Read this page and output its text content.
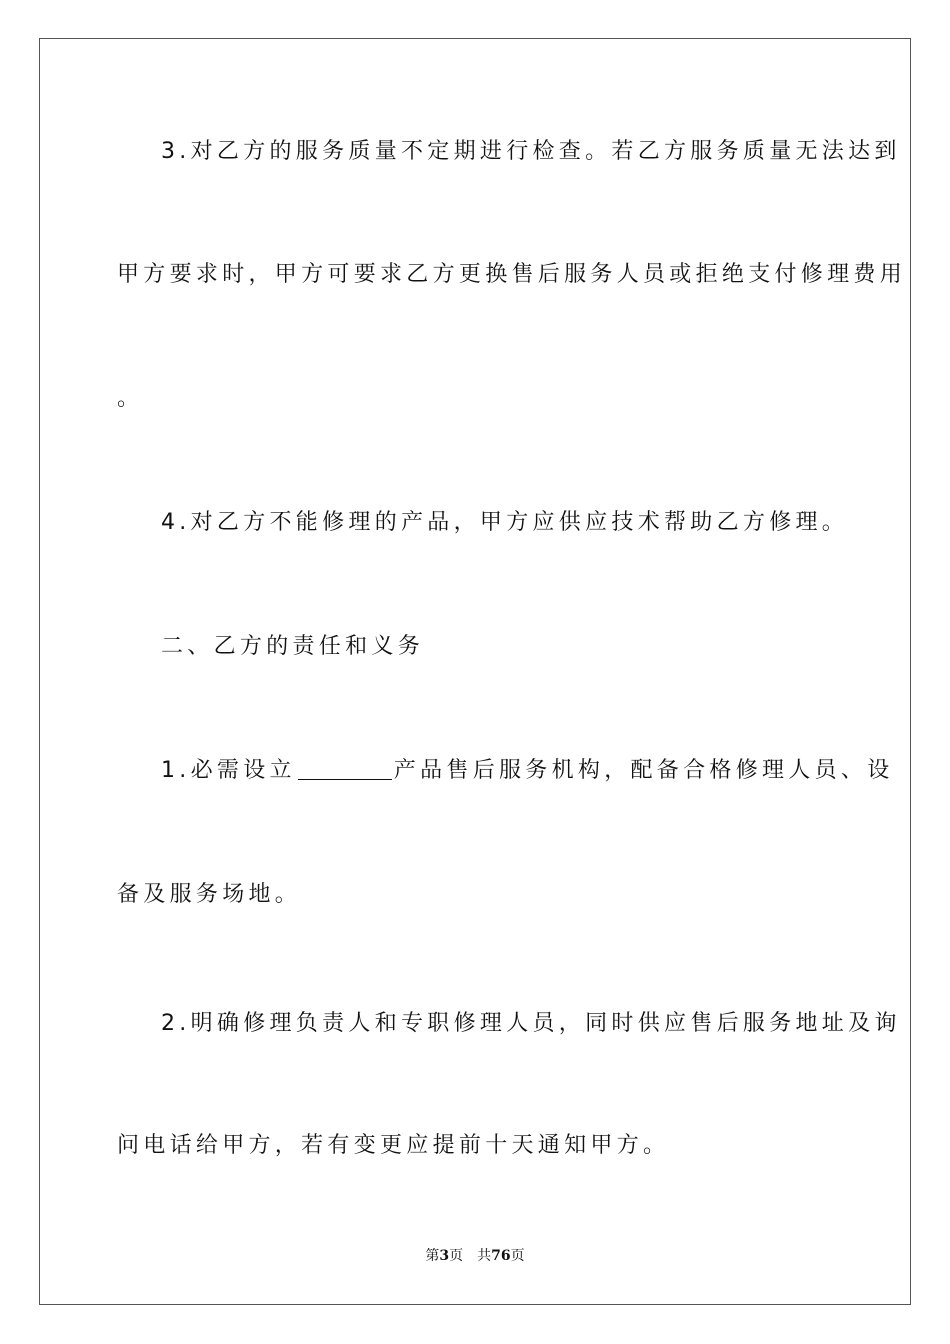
3.对乙方的服务质量不定期进行检查。若乙方服务质量无法达到
甲方要求时，甲方可要求乙方更换售后服务人员或拒绝支付修理费用
。
4.对乙方不能修理的产品，甲方应供应技术帮助乙方修理。
二、乙方的责任和义务
1.必需设立	产品售后服务机构，配备合格修理人员、设
备及服务场地。
2.明确修理负责人和专职修理人员，同时供应售后服务地址及询
问电话给甲方，若有变更应提前十天通知甲方。
第3页 共76页
